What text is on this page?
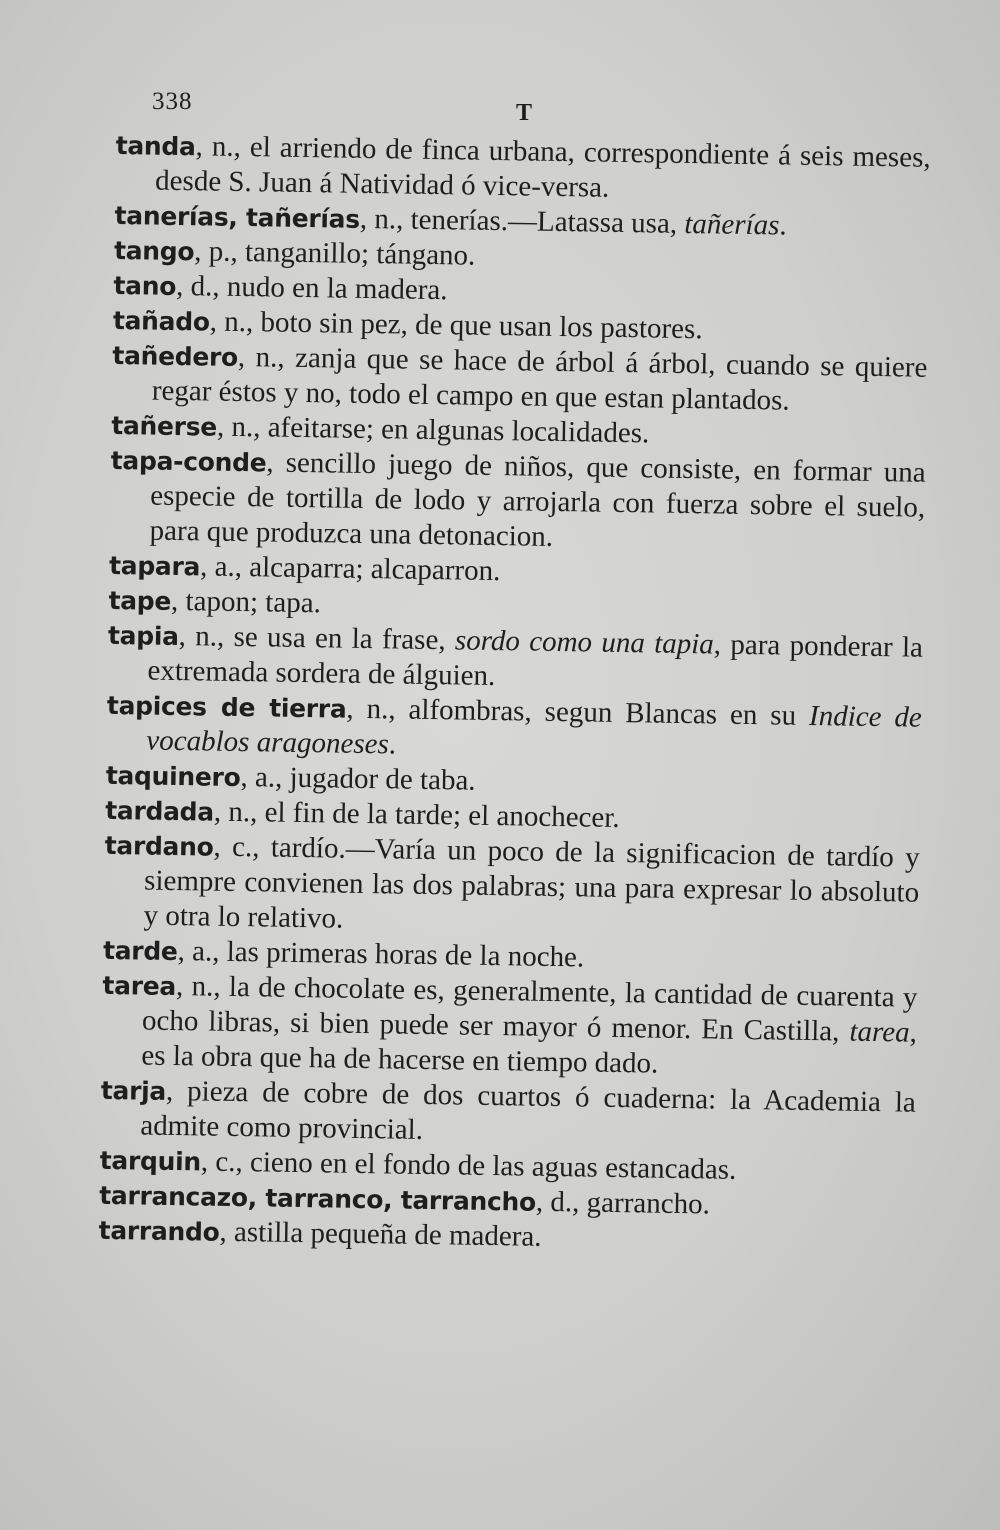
338	T

tanda, n., el arriendo de finca urbana, correspondiente á seis meses, desde S. Juan á Natividad ó vice-versa.

tanerías, tañerías, n., tenerías.—Latassa usa, tañerías.

tango, p., tanganillo; tángano.

tano, d., nudo en la madera.

tañado, n., boto sin pez, de que usan los pastores.

tañedero, n., zanja que se hace de árbol á árbol, cuando se quiere regar éstos y no, todo el campo en que estan plantados.

tañerse, n., afeitarse; en algunas localidades.

tapa-conde, sencillo juego de niños, que consiste, en formar una especie de tortilla de lodo y arrojarla con fuerza sobre el suelo, para que produzca una detonacion.

tapara, a., alcaparra; alcaparron.

tape, tapon; tapa.

tapia, n., se usa en la frase, sordo como una tapia, para ponderar la extremada sordera de álguien.

tapices de tierra, n., alfombras, segun Blancas en su Indice de vocablos aragoneses.

taquinero, a., jugador de taba.

tardada, n., el fin de la tarde; el anochecer.

tardano, c., tardío.—Varía un poco de la significacion de tardío y siempre convienen las dos palabras; una para expresar lo absoluto y otra lo relativo.

tarde, a., las primeras horas de la noche.

tarea, n., la de chocolate es, generalmente, la cantidad de cuarenta y ocho libras, si bien puede ser mayor ó menor. En Castilla, tarea, es la obra que ha de hacerse en tiempo dado.

tarja, pieza de cobre de dos cuartos ó cuaderna: la Academia la admite como provincial.

tarquin, c., cieno en el fondo de las aguas estancadas.

tarrancazo, tarranco, tarrancho, d., garrancho.

tarrando, astilla pequeña de madera.
